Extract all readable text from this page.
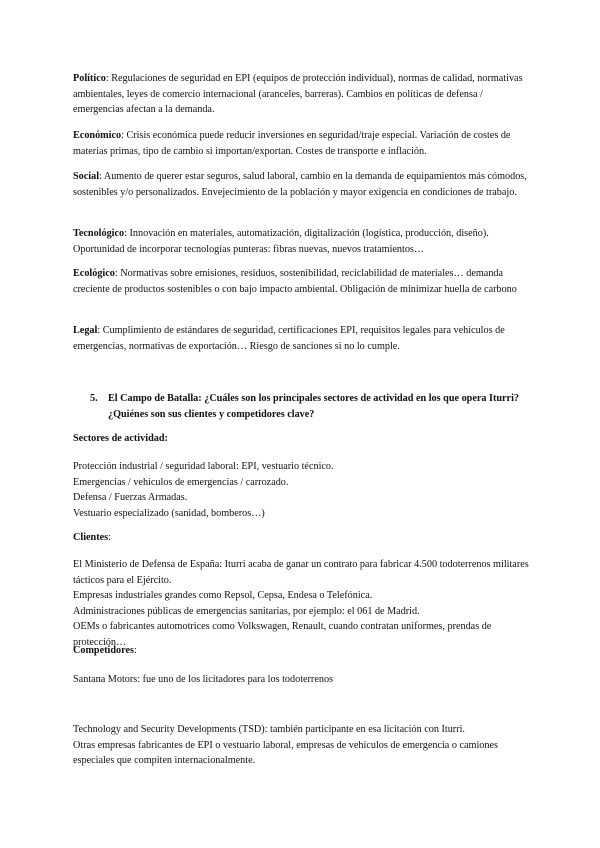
Político: Regulaciones de seguridad en EPI (equipos de protección individual), normas de calidad, normativas ambientales, leyes de comercio internacional (aranceles, barreras). Cambios en políticas de defensa / emergencias afectan a la demanda.

Económico: Crisis económica puede reducir inversiones en seguridad/traje especial. Variación de costes de materias primas, tipo de cambio si importan/exportan. Costes de transporte e inflación.

Social: Aumento de querer estar seguros, salud laboral, cambio en la demanda de equipamientos más cómodos, sostenibles y/o personalizados. Envejecimiento de la población y mayor exigencia en condiciones de trabajo.

Tecnológico: Innovación en materiales, automatización, digitalización (logística, producción, diseño). Oportunidad de incorporar tecnologías punteras: fibras nuevas, nuevos tratamientos…

Ecológico: Normativas sobre emisiones, residuos, sostenibilidad, reciclabilidad de materiales… demanda creciente de productos sostenibles o con bajo impacto ambiental. Obligación de minimizar huella de carbono

Legal: Cumplimiento de estándares de seguridad, certificaciones EPI, requisitos legales para vehículos de emergencias, normativas de exportación… Riesgo de sanciones si no lo cumple.

5.	El Campo de Batalla: ¿Cuáles son los principales sectores de actividad en los que opera Iturri? ¿Quiénes son sus clientes y competidores clave?

Sectores de actividad:

Protección industrial / seguridad laboral: EPI, vestuario técnico.
Emergencias / vehículos de emergencias / carrozado.
Defensa / Fuerzas Armadas.
Vestuario especializado (sanidad, bomberos…)

Clientes:

El Ministerio de Defensa de España: Iturri acaba de ganar un contrato para fabricar 4.500 todoterrenos militares tácticos para el Ejército.
Empresas industriales grandes como Repsol, Cepsa, Endesa o Telefónica.
Administraciones públicas de emergencias sanitarias, por ejemplo: el 061 de Madrid.
OEMs o fabricantes automotrices como Volkswagen, Renault, cuando contratan uniformes, prendas de protección…

Competidores:

Santana Motors: fue uno de los licitadores para los todoterrenos

Technology and Security Developments (TSD): también participante en esa licitación con Iturri.
Otras empresas fabricantes de EPI o vestuario laboral, empresas de vehículos de emergencia o camiones especiales que compiten internacionalmente.
